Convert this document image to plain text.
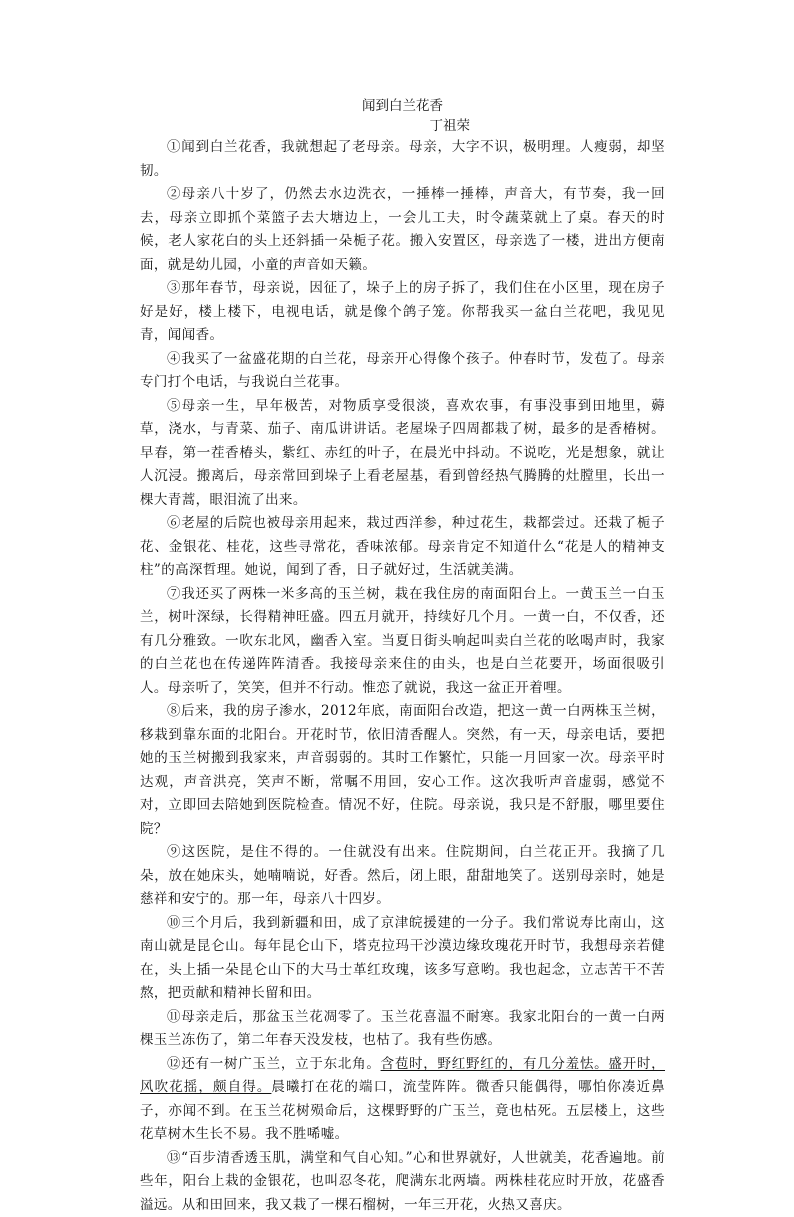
闻到白兰花香

丁祖荣

①闻到白兰花香，我就想起了老母亲。母亲，大字不识，极明理。人瘦弱，却坚韧。

②母亲八十岁了，仍然去水边洗衣，一捶棒一捶棒，声音大，有节奏，我一回去，母亲立即抓个菜篮子去大塘边上，一会儿工夫，时令蔬菜就上了桌。春天的时候，老人家花白的头上还斜插一朵栀子花。搬入安置区，母亲选了一楼，进出方便南面，就是幼儿园，小童的声音如天籁。

③那年春节，母亲说，因征了，垛子上的房子拆了，我们住在小区里，现在房子好是好，楼上楼下，电视电话，就是像个鸽子笼。你帮我买一盆白兰花吧，我见见青，闻闻香。

④我买了一盆盛花期的白兰花，母亲开心得像个孩子。仲春时节，发苞了。母亲专门打个电话，与我说白兰花事。

⑤母亲一生，早年极苦，对物质享受很淡，喜欢农事，有事没事到田地里，薅草，浇水，与青菜、茄子、南瓜讲讲话。老屋垛子四周都栽了树，最多的是香椿树。早春，第一茬香椿头，紫红、赤红的叶子，在晨光中抖动。不说吃，光是想象，就让人沉浸。搬离后，母亲常回到垛子上看老屋基，看到曾经热气腾腾的灶膛里，长出一棵大青蒿，眼泪流了出来。

⑥老屋的后院也被母亲用起来，栽过西洋参，种过花生，栽都尝过。还栽了栀子花、金银花、桂花，这些寻常花，香味浓郁。母亲肯定不知道什么“花是人的精神支柱”的高深哲理。她说，闻到了香，日子就好过，生活就美满。

⑦我还买了两株一米多高的玉兰树，栽在我住房的南面阳台上。一黄玉兰一白玉兰，树叶深绿，长得精神旺盛。四五月就开，持续好几个月。一黄一白，不仅香，还有几分雅致。一吹东北风，幽香入室。当夏日街头响起叫卖白兰花的吆喝声时，我家的白兰花也在传递阵阵清香。我接母亲来住的由头，也是白兰花要开，场面很吸引人。母亲听了，笑笑，但并不行动。惟恋了就说，我这一盆正开着哩。

⑧后来，我的房子渗水，2012年底，南面阳台改造，把这一黄一白两株玉兰树，移栽到靠东面的北阳台。开花时节，依旧清香醒人。突然，有一天，母亲电话，要把她的玉兰树搬到我家来，声音弱弱的。其时工作繁忙，只能一月回家一次。母亲平时达观，声音洪亮，笑声不断，常嘱不用回，安心工作。这次我听声音虚弱，感觉不对，立即回去陪她到医院检查。情况不好，住院。母亲说，我只是不舒服，哪里要住院？

⑨这医院，是住不得的。一住就没有出来。住院期间，白兰花正开。我摘了几朵，放在她床头，她喃喃说，好香。然后，闭上眼，甜甜地笑了。送别母亲时，她是慈祥和安宁的。那一年，母亲八十四岁。

⑩三个月后，我到新疆和田，成了京津皖援建的一分子。我们常说寿比南山，这南山就是昆仑山。每年昆仑山下，塔克拉玛干沙漠边缘玫瑰花开时节，我想母亲若健在，头上插一朵昆仑山下的大马士革红玫瑰，该多写意哟。我也起念，立志苦干不苦熬，把贡献和精神长留和田。

⑪母亲走后，那盆玉兰花凋零了。玉兰花喜温不耐寒。我家北阳台的一黄一白两棵玉兰冻伤了，第二年春天没发枝，也枯了。我有些伤感。

⑫还有一树广玉兰，立于东北角。含苞时，野红野红的，有几分羞怯。盛开时，风吹花摇，颇自得。晨曦打在花的端口，流莹阵阵。微香只能偶得，哪怕你凑近鼻子，亦闻不到。在玉兰花树殒命后，这棵野野的广玉兰，竟也枯死。五层楼上，这些花草树木生长不易。我不胜唏嘘。

⑬“百步清香透玉肌，满堂和气自心知。”心和世界就好，人世就美，花香遍地。前些年，阳台上栽的金银花，也叫忍冬花，爬满东北两墙。两株桂花应时开放，花盛香溢远。从和田回来，我又栽了一棵石榴树，一年三开花，火热又喜庆。
